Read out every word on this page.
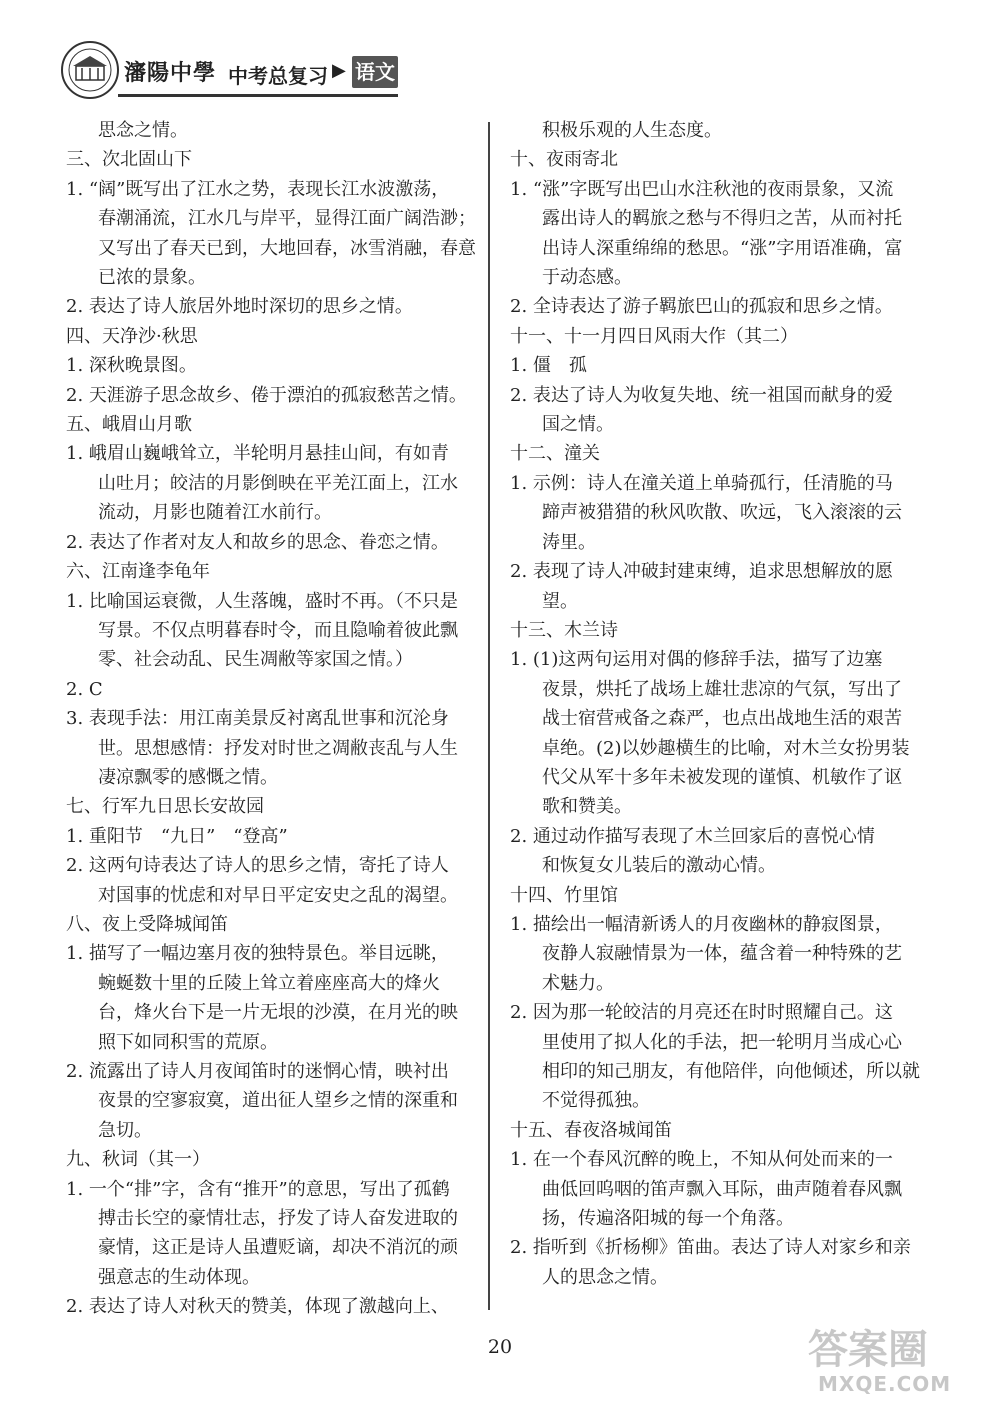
瀋陽中學 中考总复习 ▶ 语文
思念之情。
三、次北固山下
1. “阔”既写出了江水之势，表现长江水波激荡，
春潮涌流，江水几与岸平，显得江面广阔浩渺；
又写出了春天已到，大地回春，冰雪消融，春意
已浓的景象。
2. 表达了诗人旅居外地时深切的思乡之情。
四、天净沙·秋思
1. 深秋晚景图。
2. 天涯游子思念故乡、倦于漂泊的孤寂愁苦之情。
五、峨眉山月歌
1. 峨眉山巍峨耸立，半轮明月悬挂山间，有如青
山吐月；皎洁的月影倒映在平羌江面上，江水
流动，月影也随着江水前行。
2. 表达了作者对友人和故乡的思念、眷恋之情。
六、江南逢李龟年
1. 比喻国运衰微，人生落魄，盛时不再。（不只是
写景。不仅点明暮春时令，而且隐喻着彼此飘
零、社会动乱、民生凋敝等家国之情。）
2. C
3. 表现手法：用江南美景反衬离乱世事和沉沦身
世。思想感情：抒发对时世之凋敝丧乱与人生
凄凉飘零的感慨之情。
七、行军九日思长安故园
1. 重阳节　“九日”　“登高”
2. 这两句诗表达了诗人的思乡之情，寄托了诗人
对国事的忧虑和对早日平定安史之乱的渴望。
八、夜上受降城闻笛
1. 描写了一幅边塞月夜的独特景色。举目远眺，
蜿蜒数十里的丘陵上耸立着座座高大的烽火
台，烽火台下是一片无垠的沙漠，在月光的映
照下如同积雪的荒原。
2. 流露出了诗人月夜闻笛时的迷惘心情，映衬出
夜景的空寥寂寞，道出征人望乡之情的深重和
急切。
九、秋词（其一）
1. 一个“排”字，含有“推开”的意思，写出了孤鹤
搏击长空的豪情壮志，抒发了诗人奋发进取的
豪情，这正是诗人虽遭贬谪，却决不消沉的顽
强意志的生动体现。
2. 表达了诗人对秋天的赞美，体现了激越向上、
积极乐观的人生态度。
十、夜雨寄北
1. “涨”字既写出巴山水注秋池的夜雨景象，又流
露出诗人的羁旅之愁与不得归之苦，从而衬托
出诗人深重绵绵的愁思。“涨”字用语准确，富
于动态感。
2. 全诗表达了游子羁旅巴山的孤寂和思乡之情。
十一、十一月四日风雨大作（其二）
1. 僵　孤
2. 表达了诗人为收复失地、统一祖国而献身的爱
国之情。
十二、潼关
1. 示例：诗人在潼关道上单骑孤行，任清脆的马
蹄声被猎猎的秋风吹散、吹远，飞入滚滚的云
涛里。
2. 表现了诗人冲破封建束缚，追求思想解放的愿
望。
十三、木兰诗
1. (1)这两句运用对偶的修辞手法，描写了边塞
夜景，烘托了战场上雄壮悲凉的气氛，写出了
战士宿营戒备之森严，也点出战地生活的艰苦
卓绝。(2)以妙趣横生的比喻，对木兰女扮男装
代父从军十多年未被发现的谨慎、机敏作了讴
歌和赞美。
2. 通过动作描写表现了木兰回家后的喜悦心情
和恢复女儿装后的激动心情。
十四、竹里馆
1. 描绘出一幅清新诱人的月夜幽林的静寂图景，
夜静人寂融情景为一体，蕴含着一种特殊的艺
术魅力。
2. 因为那一轮皎洁的月亮还在时时照耀自己。这
里使用了拟人化的手法，把一轮明月当成心心
相印的知己朋友，有他陪伴，向他倾述，所以就
不觉得孤独。
十五、春夜洛城闻笛
1. 在一个春风沉醉的晚上，不知从何处而来的一
曲低回呜咽的笛声飘入耳际，曲声随着春风飘
扬，传遍洛阳城的每一个角落。
2. 指听到《折杨柳》笛曲。表达了诗人对家乡和亲
人的思念之情。
20	答案圈
MXQE.COM
